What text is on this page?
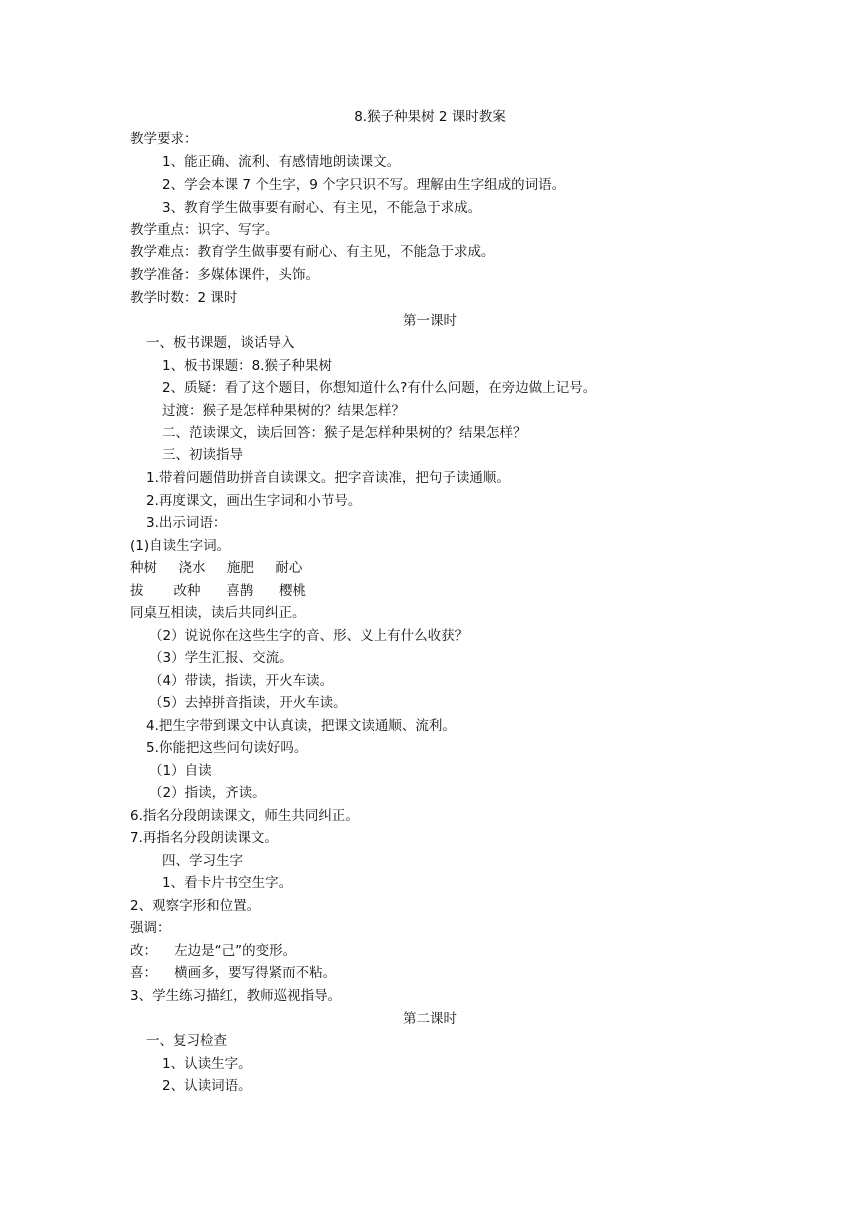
8.猴子种果树 2 课时教案
教学要求：
1、能正确、流利、有感情地朗读课文。
2、学会本课 7 个生字，9 个字只识不写。理解由生字组成的词语。
3、教育学生做事要有耐心、有主见，不能急于求成。
教学重点：识字、写字。
教学难点：教育学生做事要有耐心、有主见，不能急于求成。
教学准备：多媒体课件，头饰。
教学时数：2 课时
第一课时
一、板书课题，谈话导入
1、板书课题：8.猴子种果树
2、质疑：看了这个题目，你想知道什么?有什么问题，在旁边做上记号。
过渡：猴子是怎样种果树的？结果怎样？
二、范读课文，读后回答：猴子是怎样种果树的？结果怎样？
三、初读指导
1.带着问题借助拼音自读课文。把字音读准，把句子读通顺。
2.再度课文，画出生字词和小节号。
3.出示词语：
(1)自读生字词。
种树     浇水     施肥     耐心
拔       改种      喜鹊      樱桃
同桌互相读，读后共同纠正。
（2）说说你在这些生字的音、形、义上有什么收获？
（3）学生汇报、交流。
（4）带读，指读，开火车读。
（5）去掉拼音指读，开火车读。
4.把生字带到课文中认真读，把课文读通顺、流利。
5.你能把这些问句读好吗。
（1）自读
（2）指读，齐读。
6.指名分段朗读课文，师生共同纠正。
7.再指名分段朗读课文。
四、学习生字
1、看卡片书空生字。
2、观察字形和位置。
强调：
改：    左边是“己”的变形。
喜：    横画多，要写得紧而不粘。
3、学生练习描红，教师巡视指导。
第二课时
一、复习检查
1、认读生字。
2、认读词语。
